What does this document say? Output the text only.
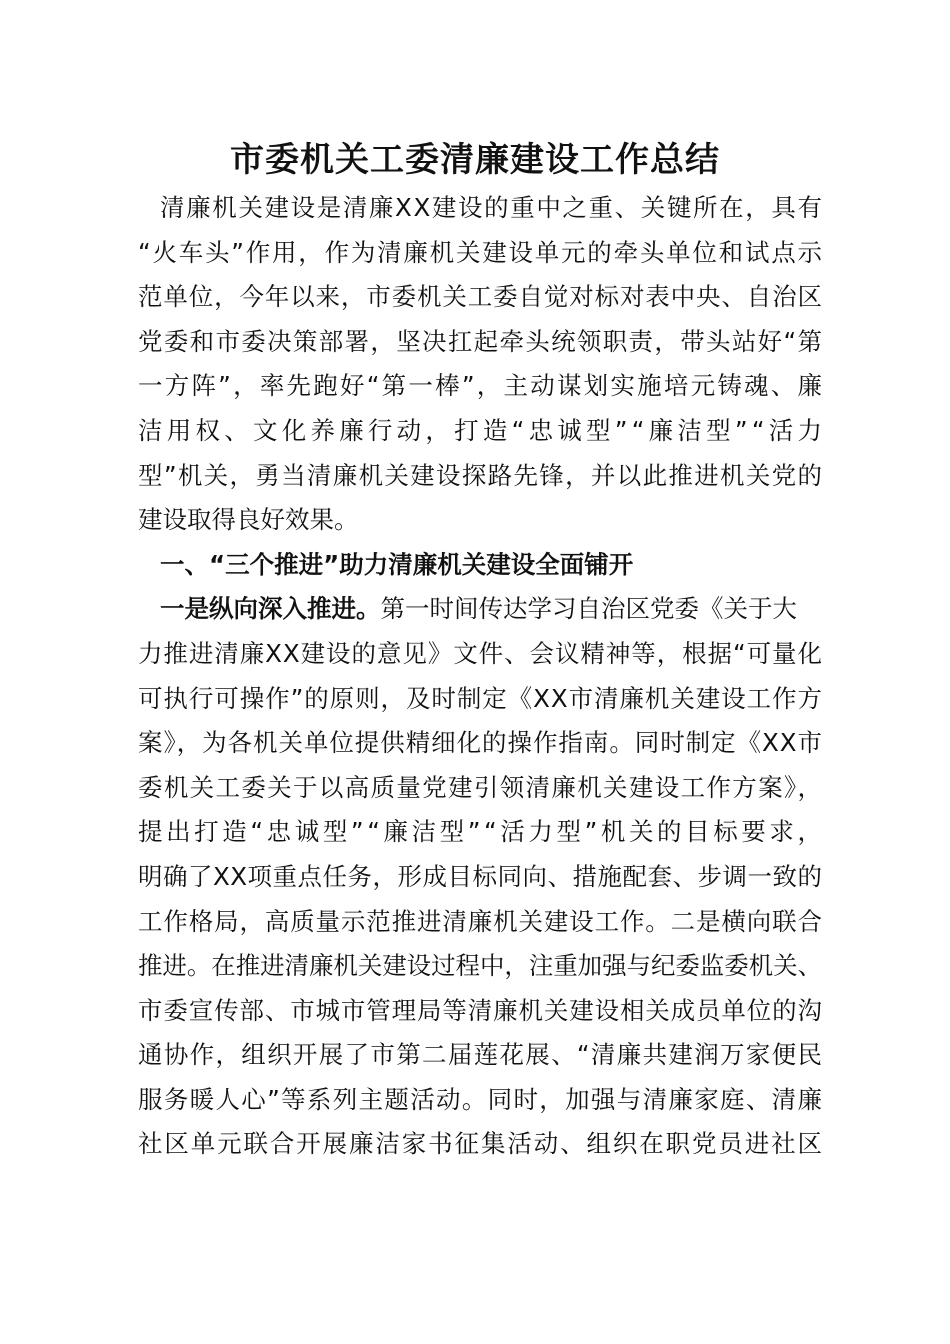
市委机关工委清廉建设工作总结
清廉机关建设是清廉XX建设的重中之重、关键所在，具有
“火车头”作用，作为清廉机关建设单元的牵头单位和试点示
范单位，今年以来，市委机关工委自觉对标对表中央、自治区
党委和市委决策部署，坚决扛起牵头统领职责，带头站好“第
一方阵”，率先跑好“第一棒”，主动谋划实施培元铸魂、廉
洁用权、文化养廉行动，打造“忠诚型”“廉洁型”“活力
型”机关，勇当清廉机关建设探路先锋，并以此推进机关党的
建设取得良好效果。
一、“三个推进”助力清廉机关建设全面铺开
一是纵向深入推进。 第一时间传达学习自治区党委《关于大
力推进清廉XX建设的意见》文件、会议精神等，根据“可量化
可执行可操作”的原则，及时制定《XX市清廉机关建设工作方
案》，为各机关单位提供精细化的操作指南。同时制定《XX市
委机关工委关于以高质量党建引领清廉机关建设工作方案》，
提出打造“忠诚型”“廉洁型”“活力型”机关的目标要求，
明确了XX项重点任务，形成目标同向、措施配套、步调一致的
工作格局，高质量示范推进清廉机关建设工作。二是横向联合
推进。在推进清廉机关建设过程中，注重加强与纪委监委机关、
市委宣传部、市城市管理局等清廉机关建设相关成员单位的沟
通协作，组织开展了市第二届莲花展、“清廉共建润万家便民
服务暖人心”等系列主题活动。同时，加强与清廉家庭、清廉
社区单元联合开展廉洁家书征集活动、组织在职党员进社区
